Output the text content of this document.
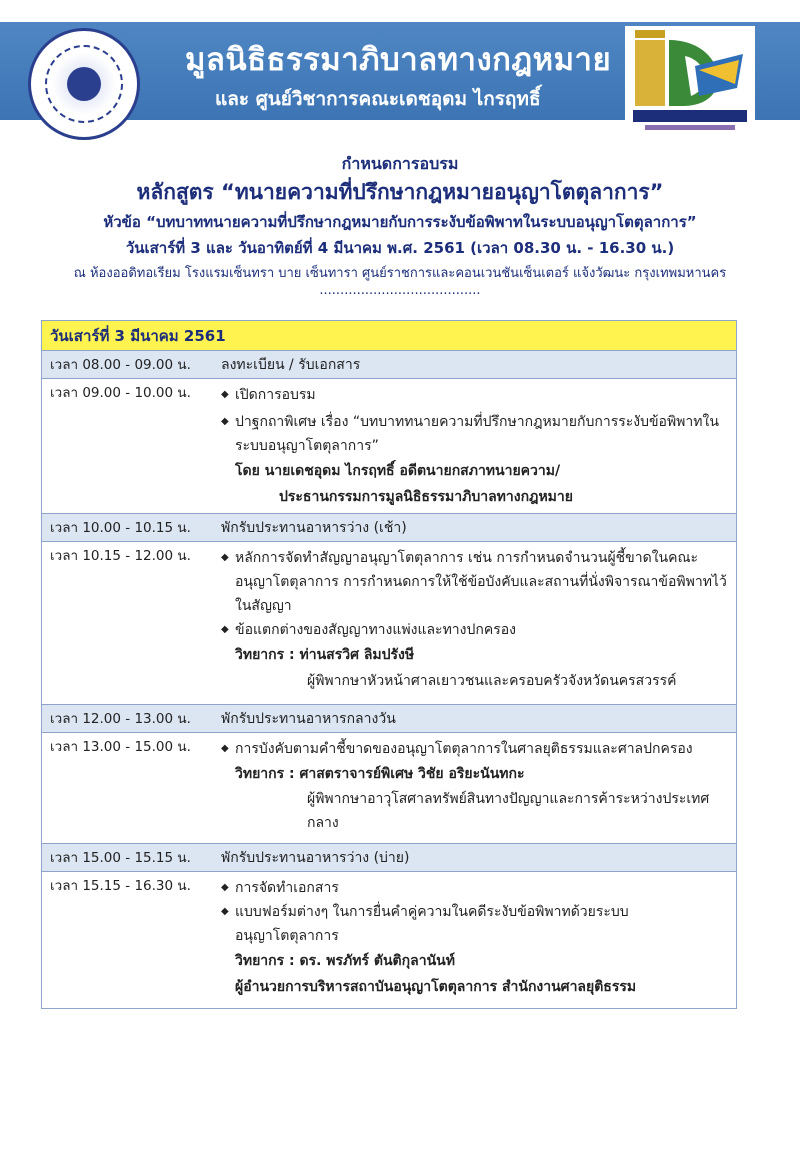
มูลนิธิธรรมาภิบาลทางกฎหมาย
และ ศูนย์วิชาการคณะเดชอุดม ไกรฤทธิ์
กำหนดการอบรม
หลักสูตร “ทนายความที่ปรึกษากฎหมายอนุญาโตตุลาการ”
หัวข้อ “บทบาททนายความที่ปรึกษากฎหมายกับการระงับข้อพิพาทในระบบอนุญาโตตุลาการ”
วันเสาร์ที่ 3 และ วันอาทิตย์ที่ 4 มีนาคม พ.ศ. 2561 (เวลา 08.30 น. - 16.30 น.)
ณ ห้องออดิทอเรียม โรงแรมเซ็นทรา บาย เซ็นทารา ศูนย์ราชการและคอนเวนชันเซ็นเตอร์ แจ้งวัฒนะ กรุงเทพมหานคร
.......................................
วันเสาร์ที่ 3 มีนาคม 2561
เวลา 08.00 - 09.00 น.	ลงทะเบียน / รับเอกสาร
เวลา 09.00 - 10.00 น.	◆ เปิดการอบรม
◆ ปาฐกถาพิเศษ เรื่อง “บทบาททนายความที่ปรึกษากฎหมายกับการระงับข้อพิพาทในระบบอนุญาโตตุลาการ”
โดย นายเดชอุดม ไกรฤทธิ์ อดีตนายกสภาทนายความ/
ประธานกรรมการมูลนิธิธรรมาภิบาลทางกฎหมาย
เวลา 10.00 - 10.15 น.	พักรับประทานอาหารว่าง (เช้า)
เวลา 10.15 - 12.00 น.	◆ หลักการจัดทำสัญญาอนุญาโตตุลาการ เช่น การกำหนดจำนวนผู้ชี้ขาดในคณะอนุญาโตตุลาการ การกำหนดการให้ใช้ข้อบังคับและสถานที่นั่งพิจารณาข้อพิพาทไว้ในสัญญา
◆ ข้อแตกต่างของสัญญาทางแพ่งและทางปกครอง
วิทยากร : ท่านสรวิศ ลิมปรังษี
ผู้พิพากษาหัวหน้าศาลเยาวชนและครอบครัวจังหวัดนครสวรรค์
เวลา 12.00 - 13.00 น.	พักรับประทานอาหารกลางวัน
เวลา 13.00 - 15.00 น.	◆ การบังคับตามคำชี้ขาดของอนุญาโตตุลาการในศาลยุติธรรมและศาลปกครอง
วิทยากร : ศาสตราจารย์พิเศษ วิชัย อริยะนันทกะ
ผู้พิพากษาอาวุโสศาลทรัพย์สินทางปัญญาและการค้าระหว่างประเทศกลาง
เวลา 15.00 - 15.15 น.	พักรับประทานอาหารว่าง (บ่าย)
เวลา 15.15 - 16.30 น.	◆ การจัดทำเอกสาร
◆ แบบฟอร์มต่างๆ ในการยื่นคำคู่ความในคดีระงับข้อพิพาทด้วยระบบอนุญาโตตุลาการ
วิทยากร : ดร. พรภัทร์ ตันติกุลานันท์
ผู้อำนวยการบริหารสถาบันอนุญาโตตุลาการ สำนักงานศาลยุติธรรม
